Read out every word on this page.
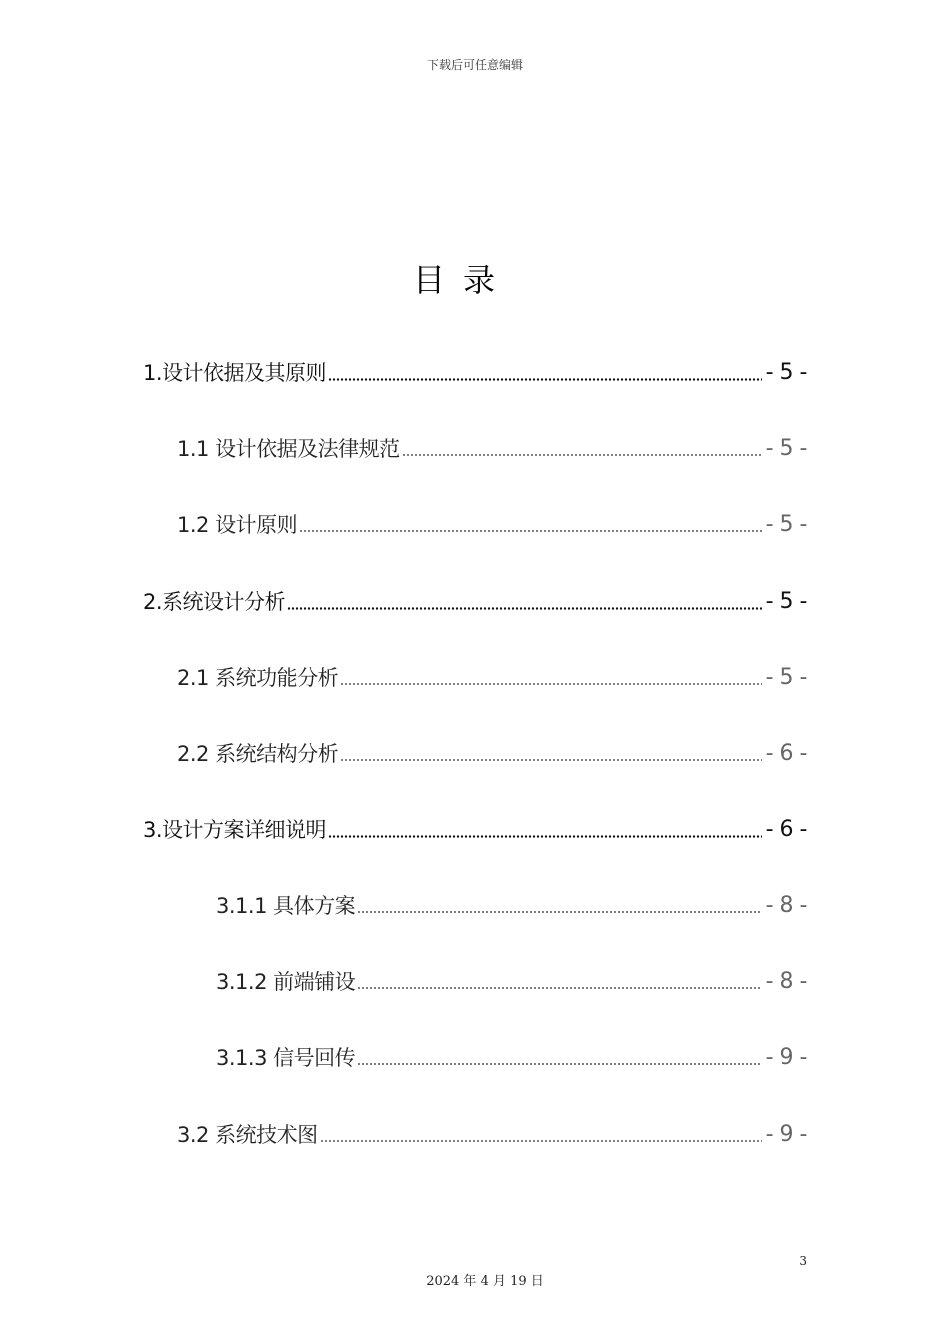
下载后可任意编辑
目录
1.设计依据及其原则	- 5 -
1.1 设计依据及法律规范	- 5 -
1.2 设计原则	- 5 -
2.系统设计分析	- 5 -
2.1 系统功能分析	- 5 -
2.2 系统结构分析	- 6 -
3.设计方案详细说明	- 6 -
3.1.1 具体方案	- 8 -
3.1.2 前端铺设	- 8 -
3.1.3 信号回传	- 9 -
3.2 系统技术图	- 9 -
3
2024 年 4 月 19 日
